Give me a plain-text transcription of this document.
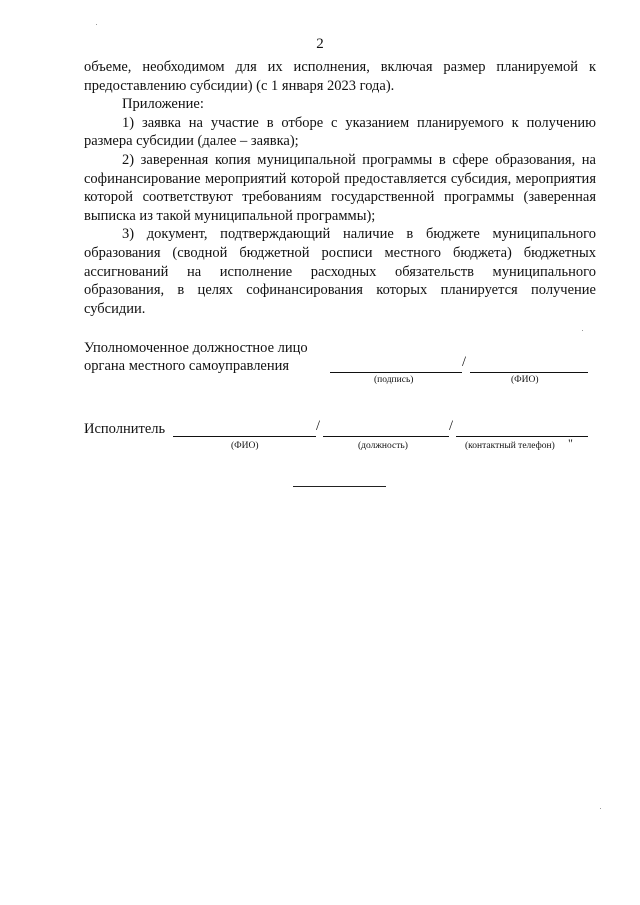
2

объеме, необходимом для их исполнения, включая размер планируемой к предоставлению субсидии) (с 1 января 2023 года).

Приложение:

1) заявка на участие в отборе с указанием планируемого к получению размера субсидии (далее – заявка);

2) заверенная копия муниципальной программы в сфере образования, на софинансирование мероприятий которой предоставляется субсидия, мероприятия которой соответствуют требованиям государственной программы (заверенная выписка из такой муниципальной программы);

3) документ, подтверждающий наличие в бюджете муниципального образования (сводной бюджетной росписи местного бюджета) бюджетных ассигнований на исполнение расходных обязательств муниципального образования, в целях софинансирования которых планируется получение субсидии.

Уполномоченное должностное лицо
органа местного самоуправления	/
(подпись)	(ФИО)
Исполнитель	/	/
(ФИО)	(должность)	(контактный телефон) "
